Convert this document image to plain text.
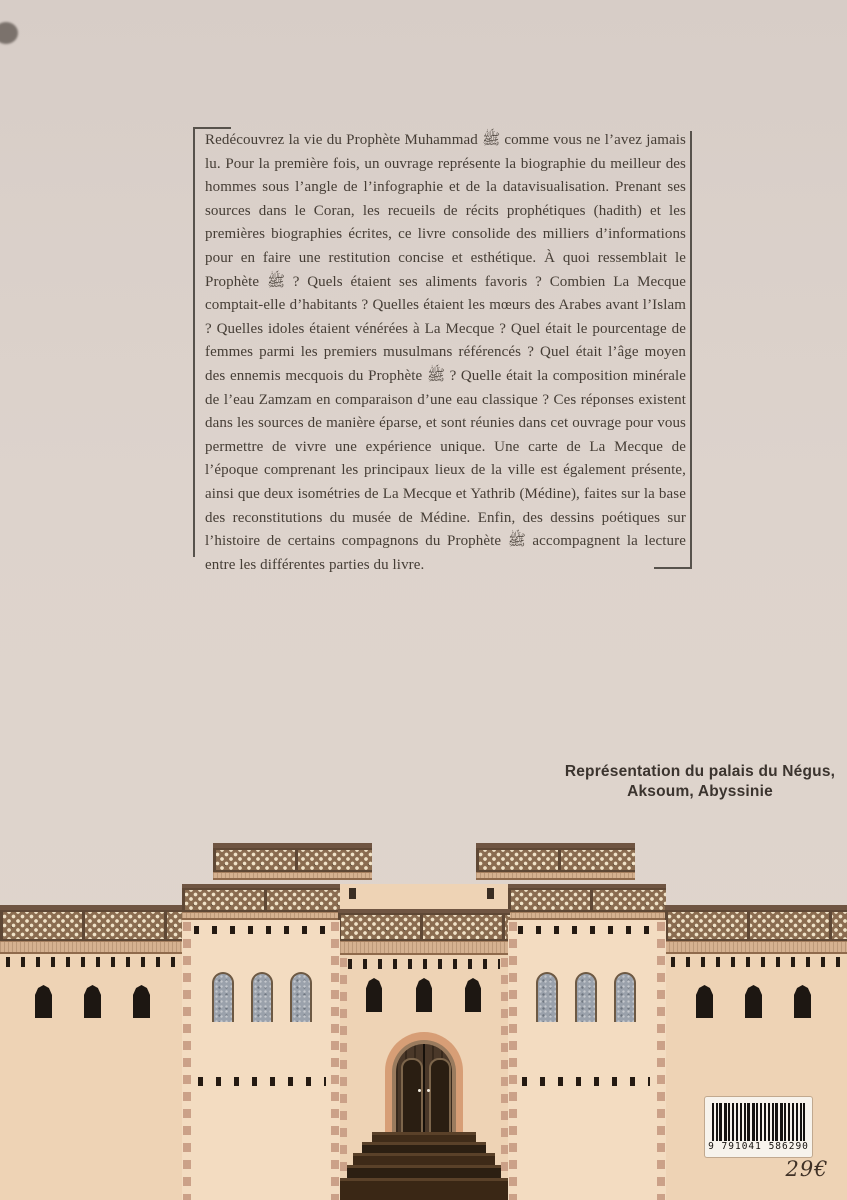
Redécouvrez la vie du Prophète Muhammad ﷺ comme vous ne l’avez jamais lu. Pour la première fois, un ouvrage représente la biographie du meilleur des hommes sous l’angle de l’infographie et de la datavisualisation. Prenant ses sources dans le Coran, les recueils de récits prophétiques (hadith) et les premières biographies écrites, ce livre consolide des milliers d’informations pour en faire une restitution concise et esthétique. À quoi ressemblait le Prophète ﷺ ? Quels étaient ses aliments favoris ? Combien La Mecque comptait-elle d’habitants ? Quelles étaient les mœurs des Arabes avant l’Islam ? Quelles idoles étaient vénérées à La Mecque ? Quel était le pourcentage de femmes parmi les premiers musulmans référencés ? Quel était l’âge moyen des ennemis mecquois du Prophète ﷺ ? Quelle était la composition minérale de l’eau Zamzam en comparaison d’une eau classique ? Ces réponses existent dans les sources de manière éparse, et sont réunies dans cet ouvrage pour vous permettre de vivre une expérience unique. Une carte de La Mecque de l’époque comprenant les principaux lieux de la ville est également présente, ainsi que deux isométries de La Mecque et Yathrib (Médine), faites sur la base des reconstitutions du musée de Médine. Enfin, des dessins poétiques sur l’histoire de certains compagnons du Prophète ﷺ accompagnent la lecture entre les différentes parties du livre.
Représentation du palais du Négus,
Aksoum, Abyssinie
9 791041 586290
29€
